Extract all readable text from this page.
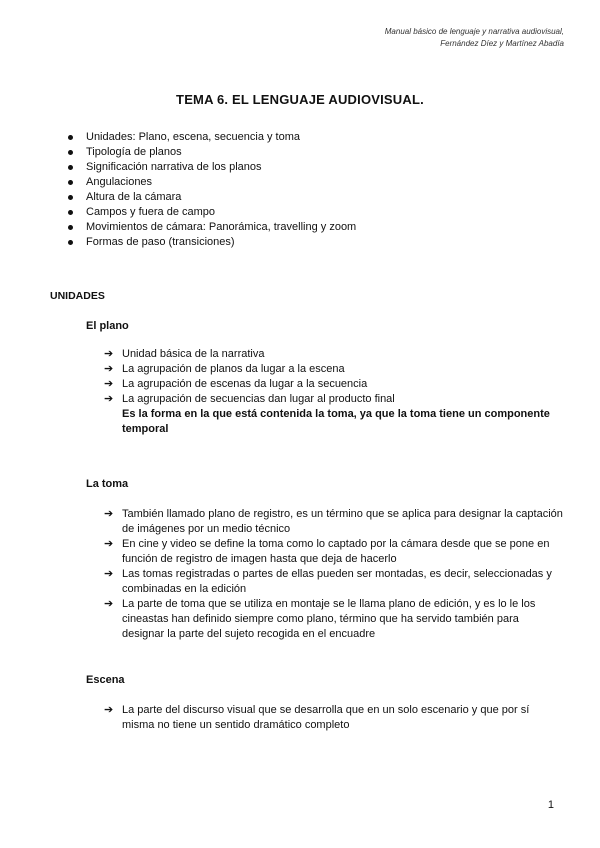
Manual básico de lenguaje y narrativa audiovisual,
Fernández Díez y Martínez Abadía
TEMA 6. EL LENGUAJE AUDIOVISUAL.
Unidades: Plano, escena, secuencia y toma
Tipología de planos
Significación narrativa de los planos
Angulaciones
Altura de la cámara
Campos y fuera de campo
Movimientos de cámara: Panorámica, travelling y zoom
Formas de paso (transiciones)
UNIDADES
El plano
➔ Unidad básica de la narrativa
➔ La agrupación de planos da lugar a la escena
➔ La agrupación de escenas da lugar a la secuencia
➔ La agrupación de secuencias dan lugar al producto final
Es la forma en la que está contenida la toma, ya que la toma tiene un componente temporal
La toma
➔ También llamado plano de registro, es un término que se aplica para designar la captación de imágenes por un medio técnico
➔ En cine y video se define la toma como lo captado por la cámara desde que se pone en función de registro de imagen hasta que deja de hacerlo
➔ Las tomas registradas o partes de ellas pueden ser montadas, es decir, seleccionadas y combinadas en la edición
➔ La parte de toma que se utiliza en montaje se le llama plano de edición, y es lo le los cineastas han definido siempre como plano, término que ha servido también para designar la parte del sujeto recogida en el encuadre
Escena
➔ La parte del discurso visual que se desarrolla que en un solo escenario y que por sí misma no tiene un sentido dramático completo
1
